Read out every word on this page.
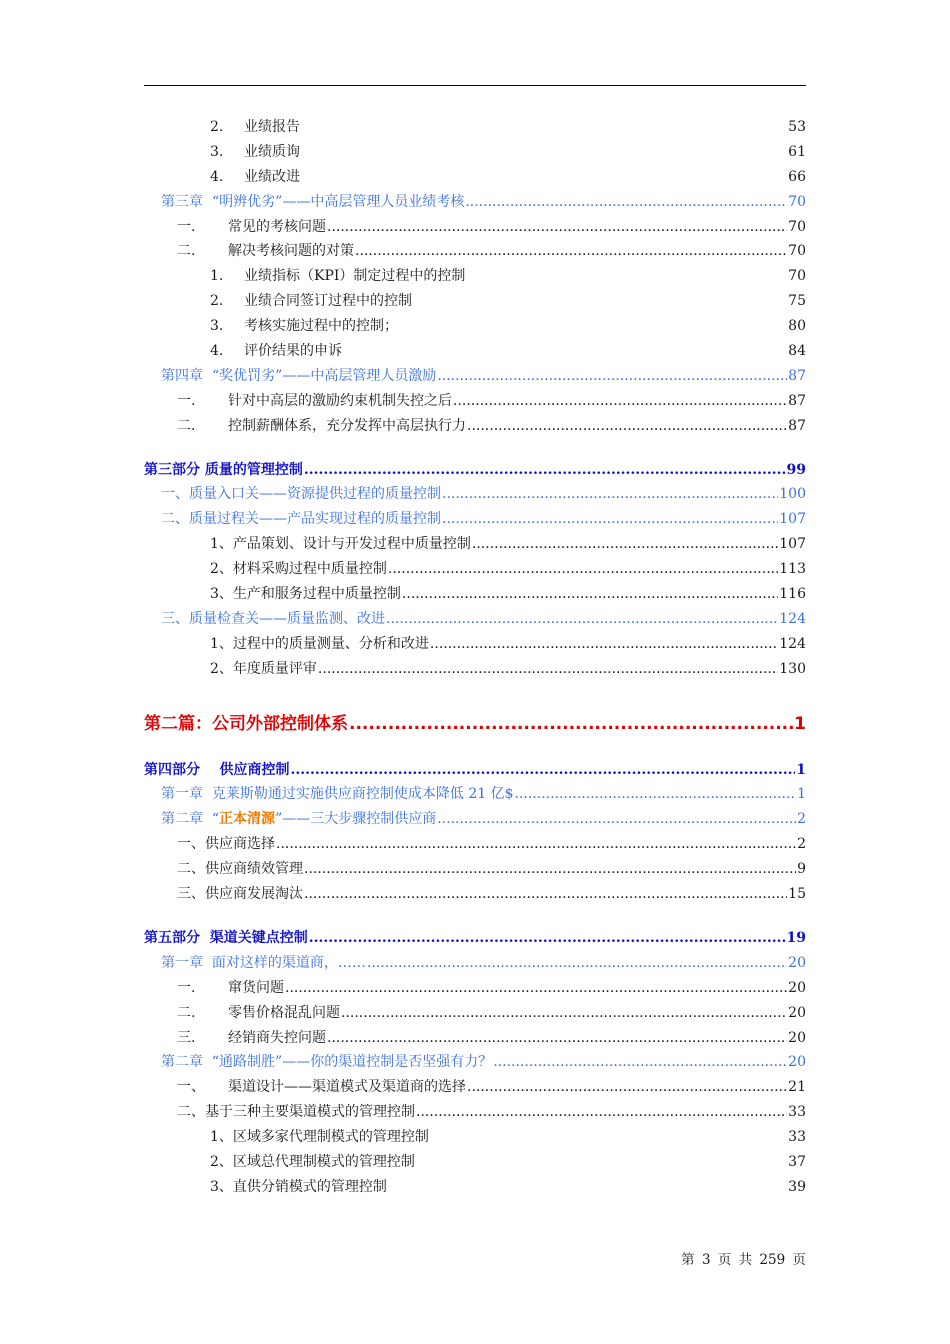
2.	业绩报告	53
3.	业绩质询	61
4.	业绩改进	66
第三章 “明辨优劣”——中高层管理人员业绩考核 .....	70
一.	常见的考核问题 .....	70
二.	解决考核问题的对策 .....	70
1.	业绩指标（KPI）制定过程中的控制	70
2.	业绩合同签订过程中的控制	75
3.	考核实施过程中的控制；	80
4.	评价结果的申诉	84
第四章 “奖优罚劣”——中高层管理人员激励 .....	87
一.	针对中高层的激励约束机制失控之后 .....	87
二.	控制薪酬体系，充分发挥中高层执行力 .....	87
第三部分 质量的管理控制 .....	99
一、质量入口关——资源提供过程的质量控制 .....	100
二、质量过程关——产品实现过程的质量控制 .....	107
1、产品策划、设计与开发过程中质量控制 .....	107
2、材料采购过程中质量控制 .....	113
3、生产和服务过程中质量控制 .....	116
三、质量检查关——质量监测、改进 .....	124
1、过程中的质量测量、分析和改进 .....	124
2、年度质量评审 .....	130
第二篇：公司外部控制体系 .....	1
第四部分    供应商控制 .....	1
第一章  克莱斯勒通过实施供应商控制使成本降低 21 亿$ .....	1
第二章  “正本清源”——三大步骤控制供应商 .....	2
一、供应商选择 .....	2
二、供应商绩效管理 .....	9
三、供应商发展淘汰 .....	15
第五部分  渠道关键点控制 .....	19
第一章  面对这样的渠道商，…… .....	20
一.	窜货问题 .....	20
二.	零售价格混乱问题 .....	20
三.	经销商失控问题 .....	20
第二章  “通路制胜”——你的渠道控制是否坚强有力？ .....	20
一、	渠道设计——渠道模式及渠道商的选择 .....	21
二、基于三种主要渠道模式的管理控制 .....	33
1、区域多家代理制模式的管理控制	33
2、区域总代理制模式的管理控制	37
3、直供分销模式的管理控制	39
第 3 页 共 259 页
